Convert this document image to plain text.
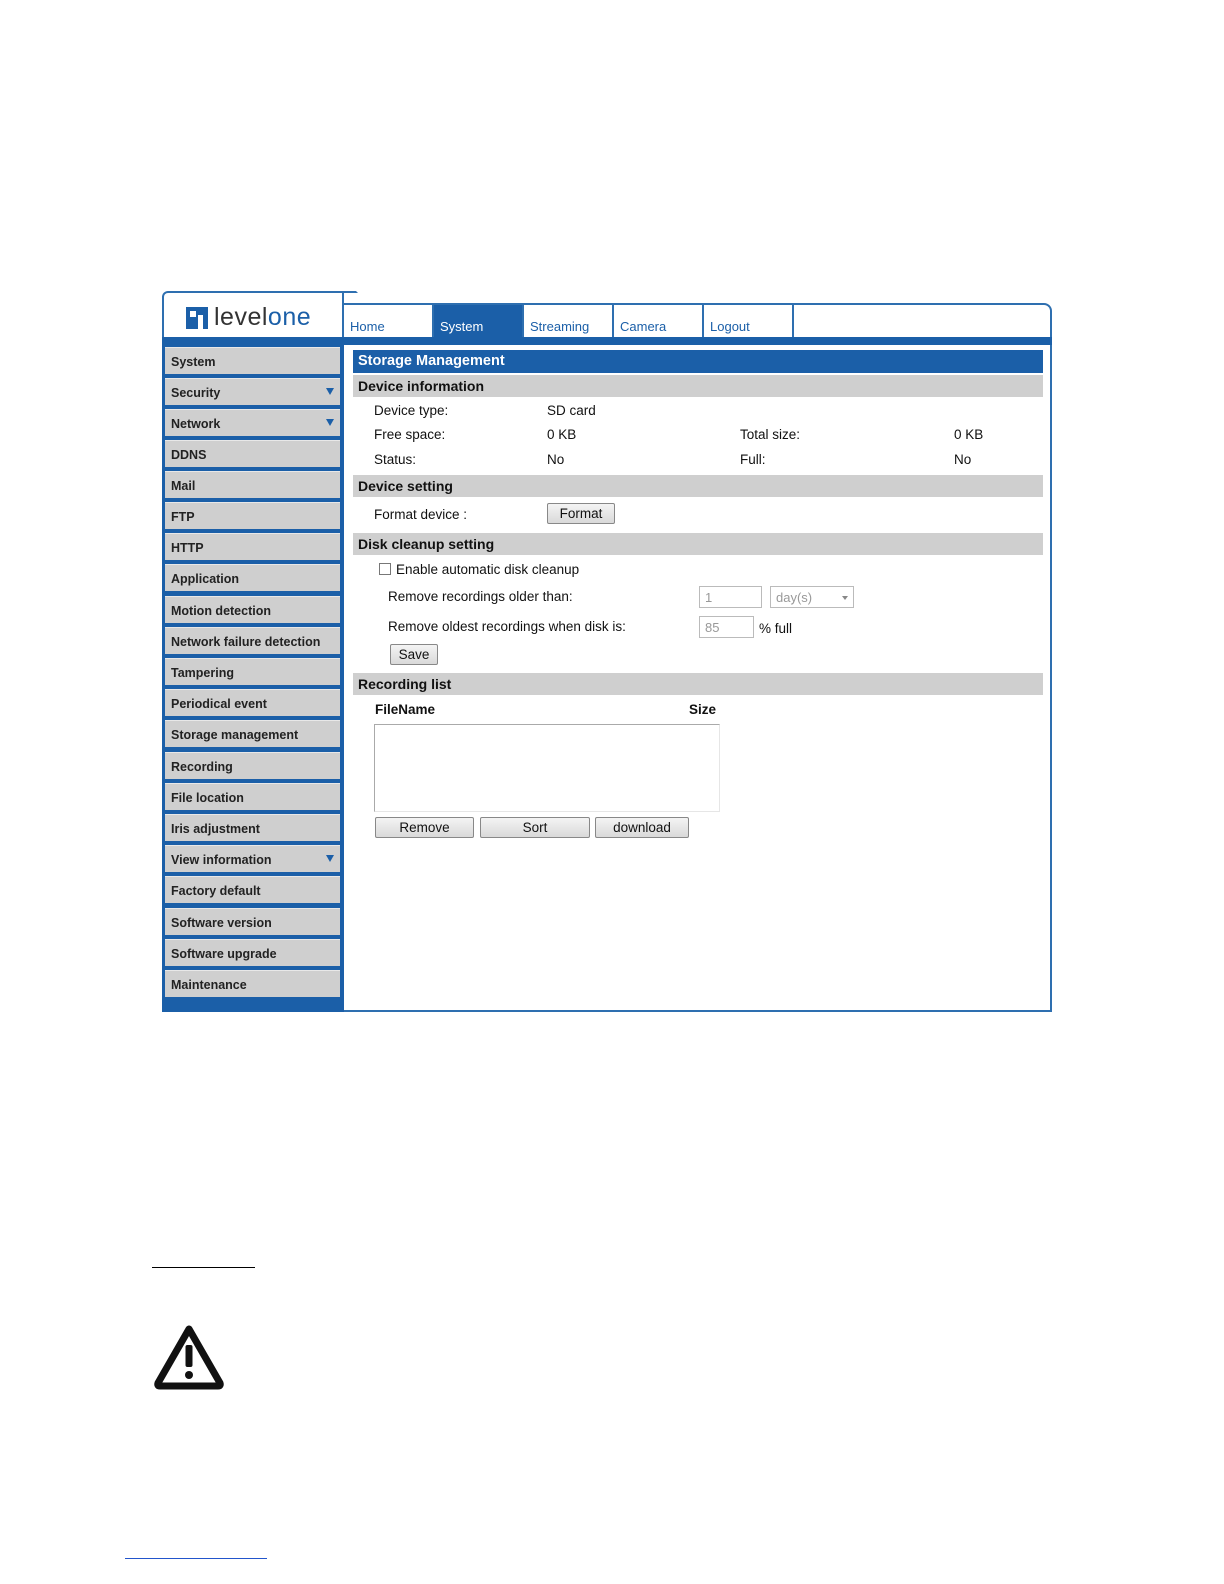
levelone	Home	System	Streaming	Camera	Logout
System
Security
Network
DDNS
Mail
FTP
HTTP
Application
Motion detection
Network failure detection
Tampering
Periodical event
Storage management
Recording
File location
Iris adjustment
View information
Factory default
Software version
Software upgrade
Maintenance
Storage Management
Device information
Device type:	SD card
Free space:	0 KB	Total size:	0 KB
Status:	No	Full:	No
Device setting
Format device :	Format
Disk cleanup setting
Enable automatic disk cleanup
Remove recordings older than:	1	day(s)
Remove oldest recordings when disk is:	85	% full
Save
Recording list
FileName	Size
Remove	Sort	download
